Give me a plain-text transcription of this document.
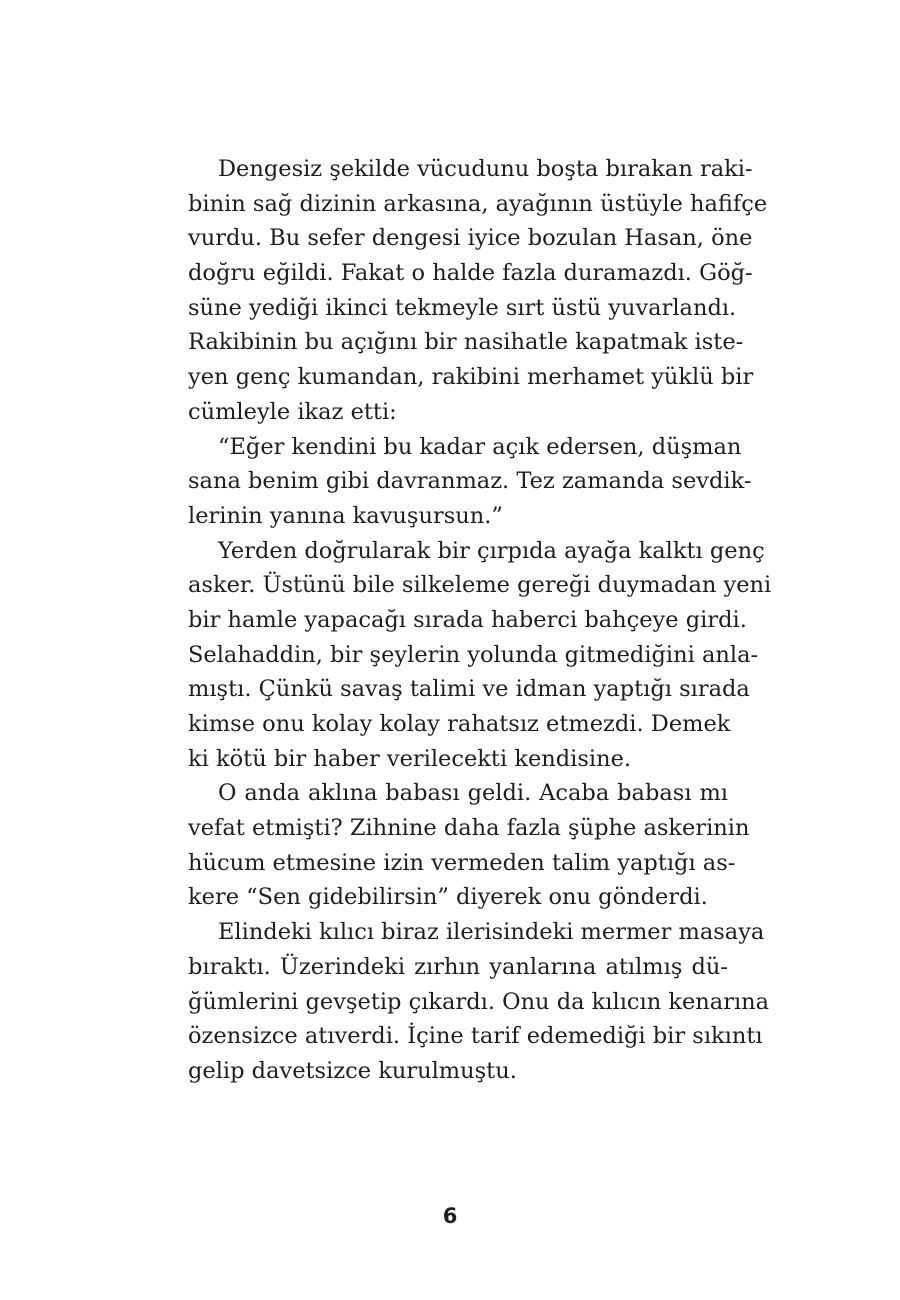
Dengesiz şekilde vücudunu boşta bırakan raki-
binin sağ dizinin arkasına, ayağının üstüyle hafifçe
vurdu. Bu sefer dengesi iyice bozulan Hasan, öne
doğru eğildi. Fakat o halde fazla duramazdı. Göğ-
süne yediği ikinci tekmeyle sırt üstü yuvarlandı.
Rakibinin bu açığını bir nasihatle kapatmak iste-
yen genç kumandan, rakibini merhamet yüklü bir
cümleyle ikaz etti:
“Eğer kendini bu kadar açık edersen, düşman
sana benim gibi davranmaz. Tez zamanda sevdik-
lerinin yanına kavuşursun.”
Yerden doğrularak bir çırpıda ayağa kalktı genç
asker. Üstünü bile silkeleme gereği duymadan yeni
bir hamle yapacağı sırada haberci bahçeye girdi.
Selahaddin, bir şeylerin yolunda gitmediğini anla-
mıştı. Çünkü savaş talimi ve idman yaptığı sırada
kimse onu kolay kolay rahatsız etmezdi. Demek
ki kötü bir haber verilecekti kendisine.
O anda aklına babası geldi. Acaba babası mı
vefat etmişti? Zihnine daha fazla şüphe askerinin
hücum etmesine izin vermeden talim yaptığı as-
kere “Sen gidebilirsin” diyerek onu gönderdi.
Elindeki kılıcı biraz ilerisindeki mermer masaya
bıraktı. Üzerindeki zırhın yanlarına atılmış dü-
ğümlerini gevşetip çıkardı. Onu da kılıcın kenarına
özensizce atıverdi. İçine tarif edemediği bir sıkıntı
gelip davetsizce kurulmuştu.
6
